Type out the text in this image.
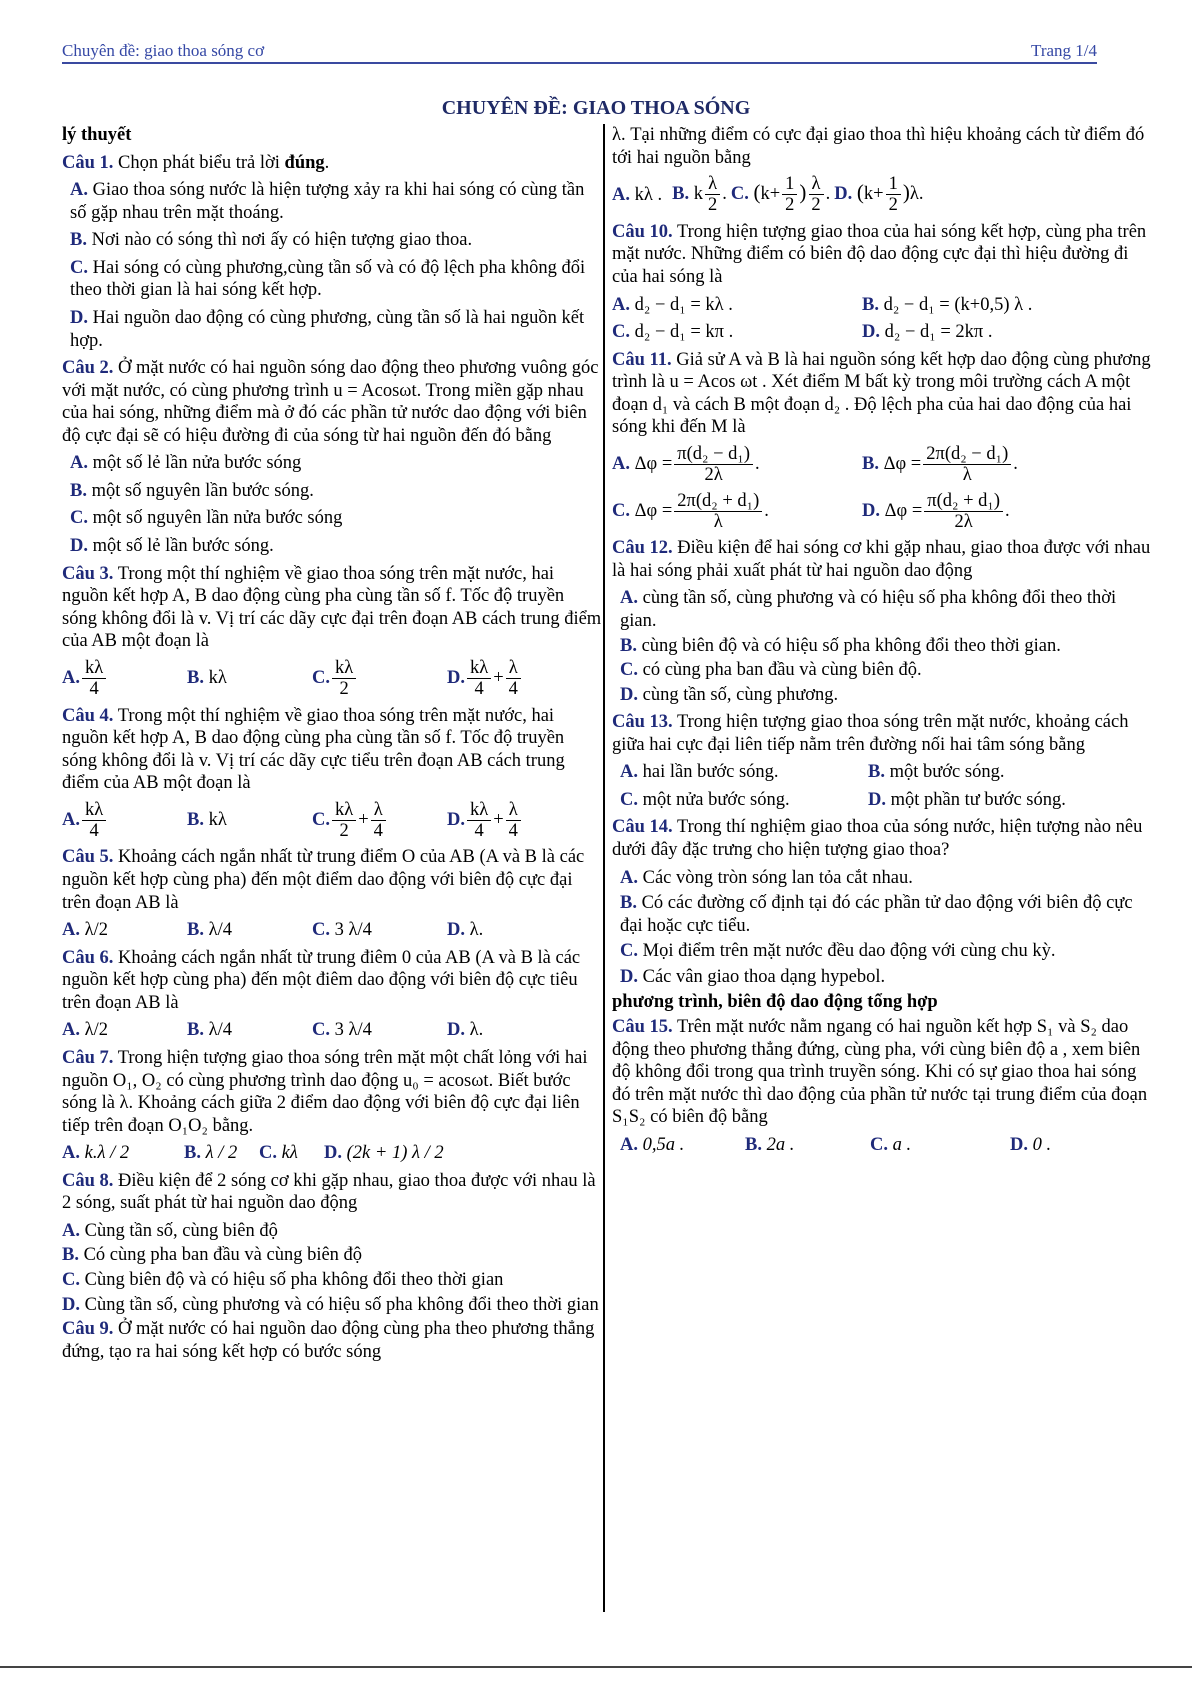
Chuyên đề: giao thoa sóng cơ	Trang 1/4
CHUYÊN ĐỀ: GIAO THOA SÓNG

lý thuyết

Câu 1. Chọn phát biểu trả lời đúng.

A. Giao thoa sóng nước là hiện tượng xảy ra khi hai sóng có cùng tần số gặp nhau trên mặt thoáng.

B. Nơi nào có sóng thì nơi ấy có hiện tượng giao thoa.

C. Hai sóng có cùng phương,cùng tần số và có độ lệch pha không đổi theo thời gian là hai sóng kết hợp.

D. Hai nguồn dao động có cùng phương, cùng tần số là hai nguồn kết hợp.

Câu 2. Ở mặt nước có hai nguồn sóng dao động theo phương vuông góc với mặt nước, có cùng phương trình u = Acosωt. Trong miền gặp nhau của hai sóng, những điểm mà ở đó các phần tử nước dao động với biên độ cực đại sẽ có hiệu đường đi của sóng từ hai nguồn đến đó bằng

A. một số lẻ lần nửa bước sóng

B. một số nguyên lần bước sóng.

C. một số nguyên lần nửa bước sóng

D. một số lẻ lần bước sóng.

Câu 3. Trong một thí nghiệm về giao thoa sóng trên mặt nước, hai nguồn kết hợp A, B dao động cùng pha cùng tần số f. Tốc độ truyền sóng không đổi là v. Vị trí các dãy cực đại trên đoạn AB cách trung điểm của AB một đoạn là

A. $\frac{k\lambda}{4}$	B. kλ	C. $\frac{k\lambda}{2}$	D. $\frac{k\lambda}{4} + \frac{\lambda}{4}$

Câu 4. Trong một thí nghiệm về giao thoa sóng trên mặt nước, hai nguồn kết hợp A, B dao động cùng pha cùng tần số f. Tốc độ truyền sóng không đổi là v. Vị trí các dãy cực tiểu trên đoạn AB cách trung điểm của AB một đoạn là

A. $\frac{k\lambda}{4}$	B. kλ	C. $\frac{k\lambda}{2} + \frac{\lambda}{4}$	D. $\frac{k\lambda}{4} + \frac{\lambda}{4}$

Câu 5. Khoảng cách ngắn nhất từ trung điểm O của AB (A và B là các nguồn kết hợp cùng pha) đến một điểm dao động với biên độ cực đại trên đoạn AB là

A. λ/2	B. λ/4	C. 3 λ/4	D. λ.

Câu 6. Khoảng cách ngắn nhất từ trung điêm 0 của AB (A và B là các nguồn kết hợp cùng pha) đến một điêm dao động với biên độ cực tiêu trên đoạn AB là

A. λ/2	B. λ/4	C. 3 λ/4	D. λ.

Câu 7. Trong hiện tượng giao thoa sóng trên mặt một chất lỏng với hai nguồn O₁, O₂ có cùng phương trình dao động u₀ = acosωt. Biết bước sóng là λ. Khoảng cách giữa 2 điểm dao động với biên độ cực đại liên tiếp trên đoạn O₁O₂ bằng.

A. k.λ / 2	B. λ / 2	C. kλ	D. (2k + 1) λ / 2

Câu 8. Điều kiện để 2 sóng cơ khi gặp nhau, giao thoa được với nhau là 2 sóng, suất phát từ hai nguồn dao động

A. Cùng tần số, cùng biên độ

B. Có cùng pha ban đầu và cùng biên độ

C. Cùng biên độ và có hiệu số pha không đổi theo thời gian

D. Cùng tần số, cùng phương và có hiệu số pha không đổi theo thời gian

Câu 9. Ở mặt nước có hai nguồn dao động cùng pha theo phương thẳng đứng, tạo ra hai sóng kết hợp có bước sóng

λ. Tại những điểm có cực đại giao thoa thì hiệu khoảng cách từ điểm đó tới hai nguồn bằng

A. kλ . B. k $\frac{\lambda}{2}$ . C. ($k+ \frac{1}{2}$ ) $\frac{\lambda}{2}$ . D. $(k+ \frac{1}{2} )\lambda$.

Câu 10. Trong hiện tượng giao thoa của hai sóng kết hợp, cùng pha trên mặt nước. Những điểm có biên độ dao động cực đại thì hiệu đường đi của hai sóng là

A. d₂ − d₁ = kλ .	B. d₂ − d₁ = (k+0,5) λ .
C. d₂ − d₁ = kπ .	D. d₂ − d₁ = 2kπ .

Câu 11. Giả sử A và B là hai nguồn sóng kết hợp dao động cùng phương trình là u = Acos ωt . Xét điểm M bất kỳ trong môi trường cách A một đoạn d₁ và cách B một đoạn d₂ . Độ lệch pha của hai dao động của hai sóng khi đến M là

A. $\Delta\varphi = \frac{\text{π(d₂ − d₁)}}{2\lambda}$ .	B. $\Delta\varphi = \frac{\text{2π(d₂ − d₁)}}{\lambda}$ .
C. $\Delta\varphi = \frac{\text{2π(d₂ + d₁)}}{\lambda}$ .	D. $\Delta\varphi = \frac{\text{π(d₂ + d₁)}}{2\lambda}$ .

Câu 12. Điều kiện để hai sóng cơ khi gặp nhau, giao thoa được với nhau là hai sóng phải xuất phát từ hai nguồn dao động

A. cùng tần số, cùng phương và có hiệu số pha không đổi theo thời gian.

B. cùng biên độ và có hiệu số pha không đổi theo thời gian.

C. có cùng pha ban đầu và cùng biên độ.

D. cùng tần số, cùng phương.

Câu 13. Trong hiện tượng giao thoa sóng trên mặt nước, khoảng cách giữa hai cực đại liên tiếp nằm trên đường nối hai tâm sóng bằng

A. hai lần bước sóng.	B. một bước sóng.
C. một nửa bước sóng.	D. một phần tư bước sóng.

Câu 14. Trong thí nghiệm giao thoa của sóng nước, hiện tượng nào nêu dưới đây đặc trưng cho hiện tượng giao thoa?

A. Các vòng tròn sóng lan tỏa cắt nhau.

B. Có các đường cố định tại đó các phần tử dao động với biên độ cực đại hoặc cực tiểu.

C. Mọi điểm trên mặt nước đều dao động với cùng chu kỳ.

D. Các vân giao thoa dạng hypebol.

phương trình, biên độ dao động tổng hợp

Câu 15. Trên mặt nước nằm ngang có hai nguồn kết hợp S₁ và S₂ dao động theo phương thẳng đứng, cùng pha, với cùng biên độ a , xem biên độ không đổi trong qua trình truyền sóng. Khi có sự giao thoa hai sóng đó trên mặt nước thì dao động của phần tử nước tại trung điểm của đoạn S₁S₂ có biên độ bằng

A. 0,5a .	B. 2a .	C. a .	D. 0 .
